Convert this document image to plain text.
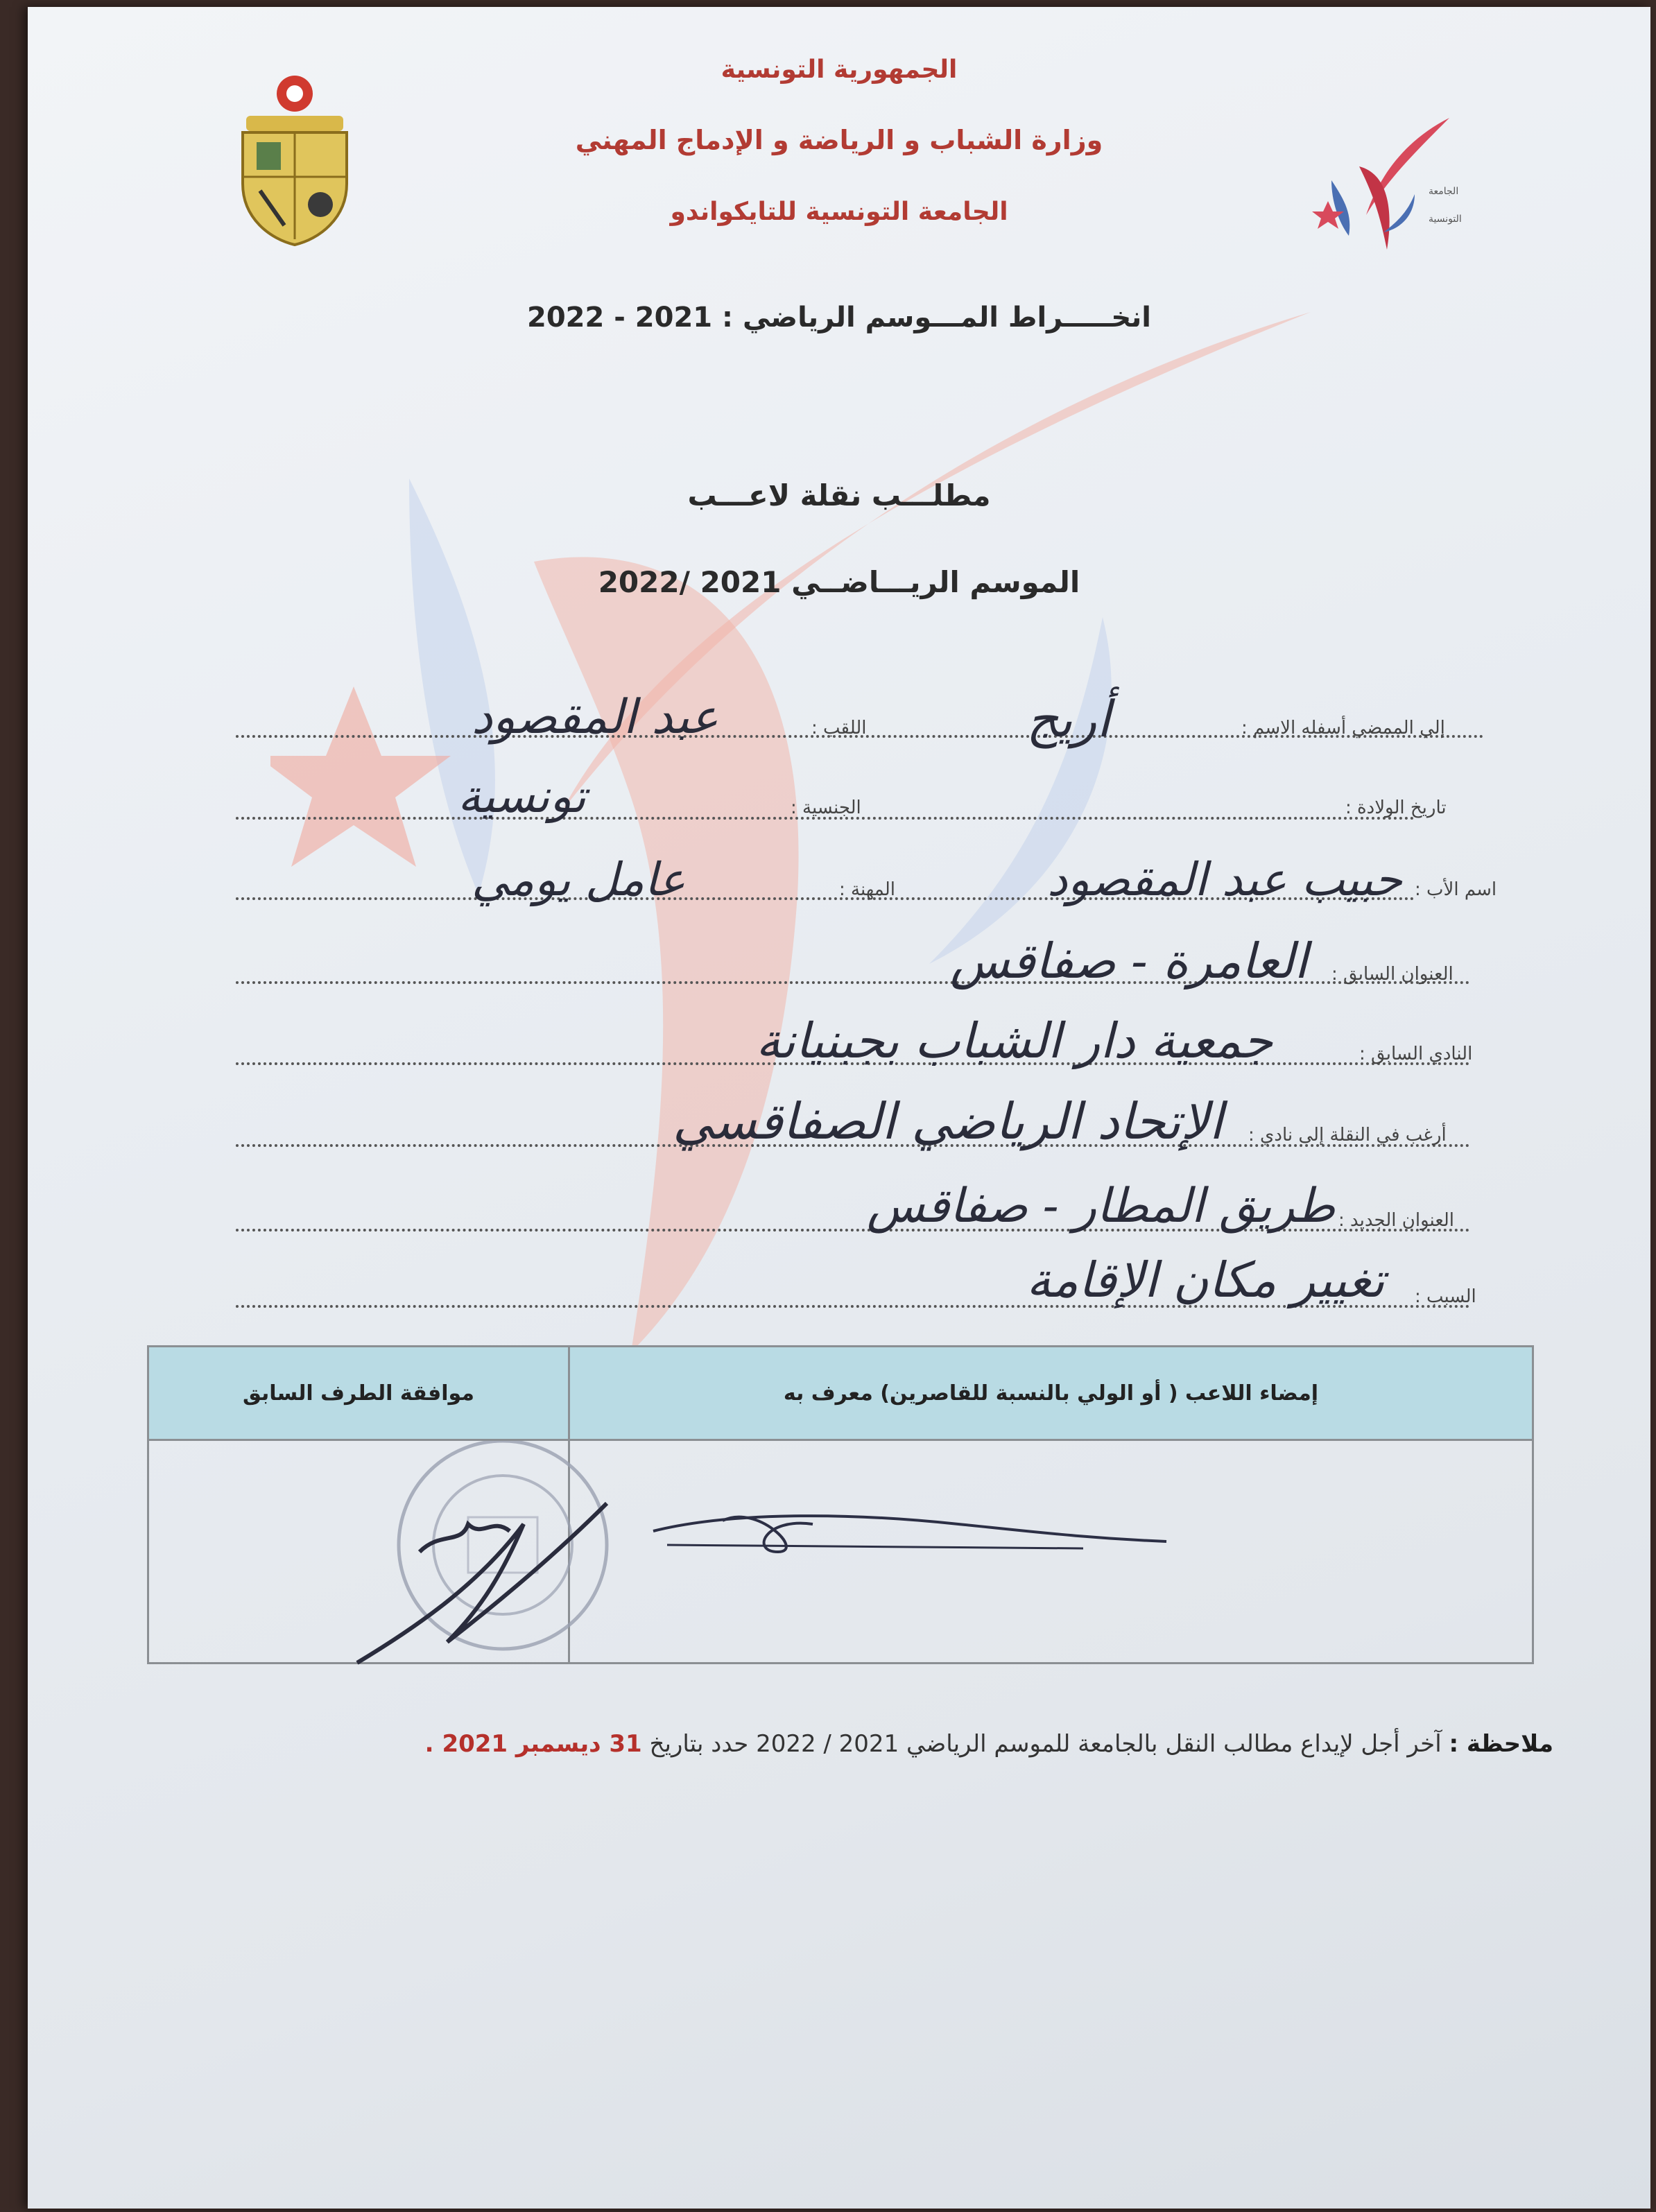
ﺍﻟﺠﺎﻣﻌﺔ
ﺍﻟﺘﻮﻧﺴﻴﺔ
الجمهورية التونسية
وزارة الشباب و الرياضة و الإدماج المهني
الجامعة التونسية للتايكواندو
انخـــــراط المـــوسم الرياضي : 2021 - 2022
مطلـــب نقلة لاعـــب
الموسم الريـــاضــي 2021 /2022
إلي الممضي أسفله الاسم :
أريج
اللقب :
عبد المقصود
تاريخ الولادة :
الجنسية :
تونسية
اسم الأب :
حبيب عبد المقصود
المهنة :
عامل يومي
العنوان السابق :
العامرة - صفاقس
النادي السابق :
جمعية دار الشباب بجبنيانة
أرغب في النقلة إلى نادي :
الإتحاد الرياضي الصفاقسي
العنوان الجديد :
طريق المطار - صفاقس
السبب :
تغيير مكان الإقامة
إمضاء اللاعب ( أو الولي بالنسبة للقاصرين) معرف به	موافقة الطرف السابق

ملاحظة : آخر أجل لإيداع مطالب النقل بالجامعة للموسم الرياضي 2021 / 2022 حدد بتاريخ 31 ديسمبر 2021 .
